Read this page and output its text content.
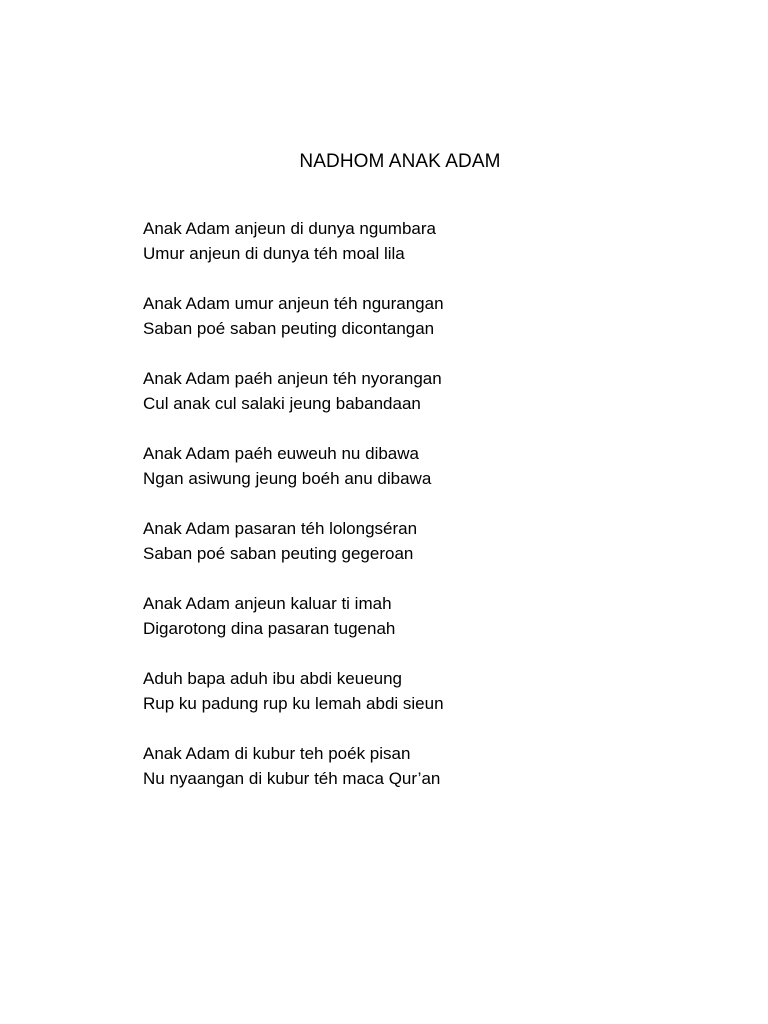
NADHOM ANAK ADAM
Anak Adam anjeun di dunya ngumbara
Umur anjeun di dunya téh moal lila
Anak Adam umur anjeun téh ngurangan
Saban poé saban peuting dicontangan
Anak Adam paéh anjeun téh nyorangan
Cul anak cul salaki jeung babandaan
Anak Adam paéh euweuh nu dibawa
Ngan asiwung jeung boéh anu dibawa
Anak Adam pasaran téh lolongséran
Saban poé saban peuting gegeroan
Anak Adam anjeun kaluar ti imah
Digarotong dina pasaran tugenah
Aduh bapa aduh ibu abdi keueung
Rup ku padung rup ku lemah abdi sieun
Anak Adam di kubur teh poék pisan
Nu nyaangan di kubur téh maca Qur’an
